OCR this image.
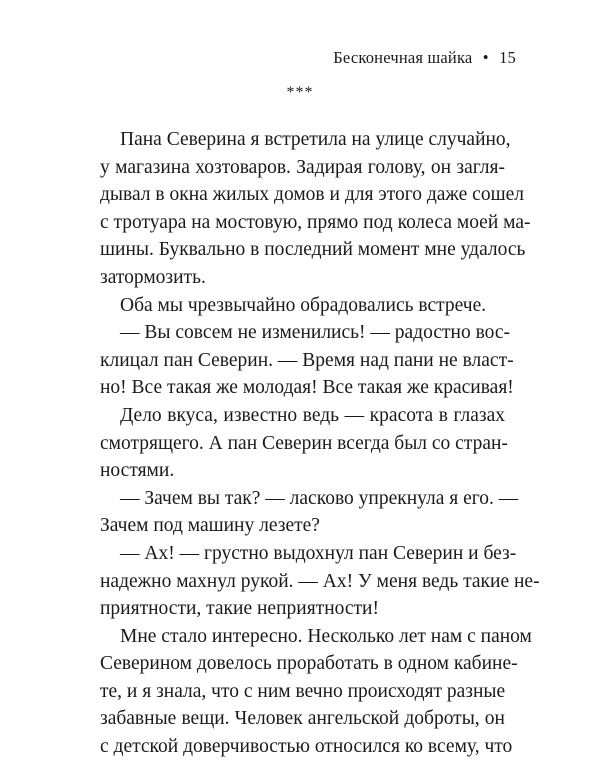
Бесконечная шайка • 15
***
Пана Северина я встретила на улице случайно,
у магазина хозтоваров. Задирая голову, он загля-
дывал в окна жилых домов и для этого даже сошел
с тротуара на мостовую, прямо под колеса моей ма-
шины. Буквально в последний момент мне удалось
затормозить.
Оба мы чрезвычайно обрадовались встрече.
— Вы совсем не изменились! — радостно вос-
клицал пан Северин. — Время над пани не власт-
но! Все такая же молодая! Все такая же красивая!
Дело вкуса, известно ведь — красота в глазах
смотрящего. А пан Северин всегда был со стран-
ностями.
— Зачем вы так? — ласково упрекнула я его. —
Зачем под машину лезете?
— Ах! — грустно выдохнул пан Северин и без-
надежно махнул рукой. — Ах! У меня ведь такие не-
приятности, такие неприятности!
Мне стало интересно. Несколько лет нам с паном
Северином довелось проработать в одном кабине-
те, и я знала, что с ним вечно происходят разные
забавные вещи. Человек ангельской доброты, он
с детской доверчивостью относился ко всему, что
